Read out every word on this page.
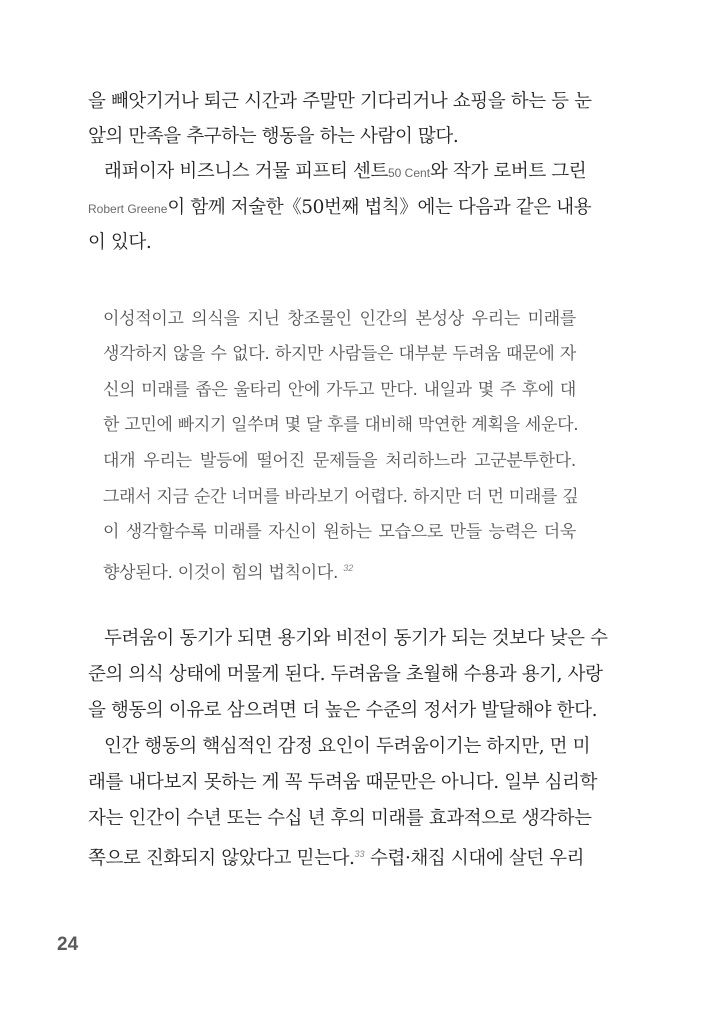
을 빼앗기거나 퇴근 시간과 주말만 기다리거나 쇼핑을 하는 등 눈
앞의 만족을 추구하는 행동을 하는 사람이 많다.
래퍼이자 비즈니스 거물 피프티 센트50 Cent와 작가 로버트 그린
Robert Greene이 함께 저술한《50번째 법칙》에는 다음과 같은 내용
이 있다.
이성적이고 의식을 지닌 창조물인 인간의 본성상 우리는 미래를
생각하지 않을 수 없다. 하지만 사람들은 대부분 두려움 때문에 자
신의 미래를 좁은 울타리 안에 가두고 만다. 내일과 몇 주 후에 대
한 고민에 빠지기 일쑤며 몇 달 후를 대비해 막연한 계획을 세운다.
대개 우리는 발등에 떨어진 문제들을 처리하느라 고군분투한다.
그래서 지금 순간 너머를 바라보기 어렵다. 하지만 더 먼 미래를 깊
이 생각할수록 미래를 자신이 원하는 모습으로 만들 능력은 더욱
향상된다. 이것이 힘의 법칙이다. $^{32}$
두려움이 동기가 되면 용기와 비전이 동기가 되는 것보다 낮은 수
준의 의식 상태에 머물게 된다. 두려움을 초월해 수용과 용기, 사랑
을 행동의 이유로 삼으려면 더 높은 수준의 정서가 발달해야 한다.
인간 행동의 핵심적인 감정 요인이 두려움이기는 하지만, 먼 미
래를 내다보지 못하는 게 꼭 두려움 때문만은 아니다. 일부 심리학
자는 인간이 수년 또는 수십 년 후의 미래를 효과적으로 생각하는
쪽으로 진화되지 않았다고 믿는다.$^{33}$ 수렵·채집 시대에 살던 우리
24
